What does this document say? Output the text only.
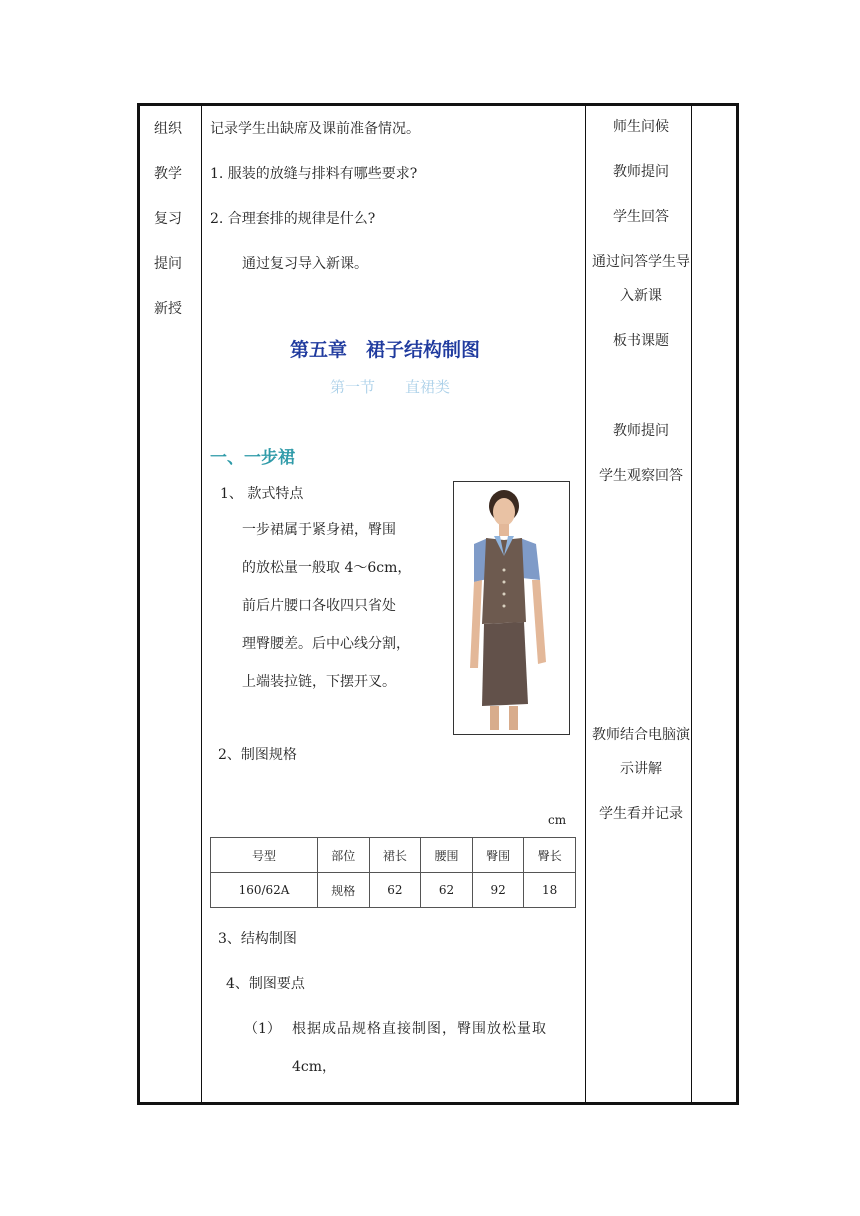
组织
教学
复习
提问
新授
记录学生出缺席及课前准备情况。
1. 服装的放缝与排料有哪些要求?
2. 合理套排的规律是什么?
通过复习导入新课。
第五章　裙子结构制图
第一节　　直裙类
一、一步裙
1、 款式特点
一步裙属于紧身裙，臀围
的放松量一般取 4～6cm，
前后片腰口各收四只省处
理臀腰差。后中心线分割，
上端装拉链，下摆开叉。
2、制图规格
cm
号型	部位	裙长	腰围	臀围	臀长
160/62A	规格	62	62	92	18
3、结构制图
4、制图要点
（1） 根据成品规格直接制图，臀围放松量取
4cm，
师生问候
教师提问
学生回答
通过问答学生导入新课
板书课题
教师提问
学生观察回答
教师结合电脑演示讲解
学生看并记录
